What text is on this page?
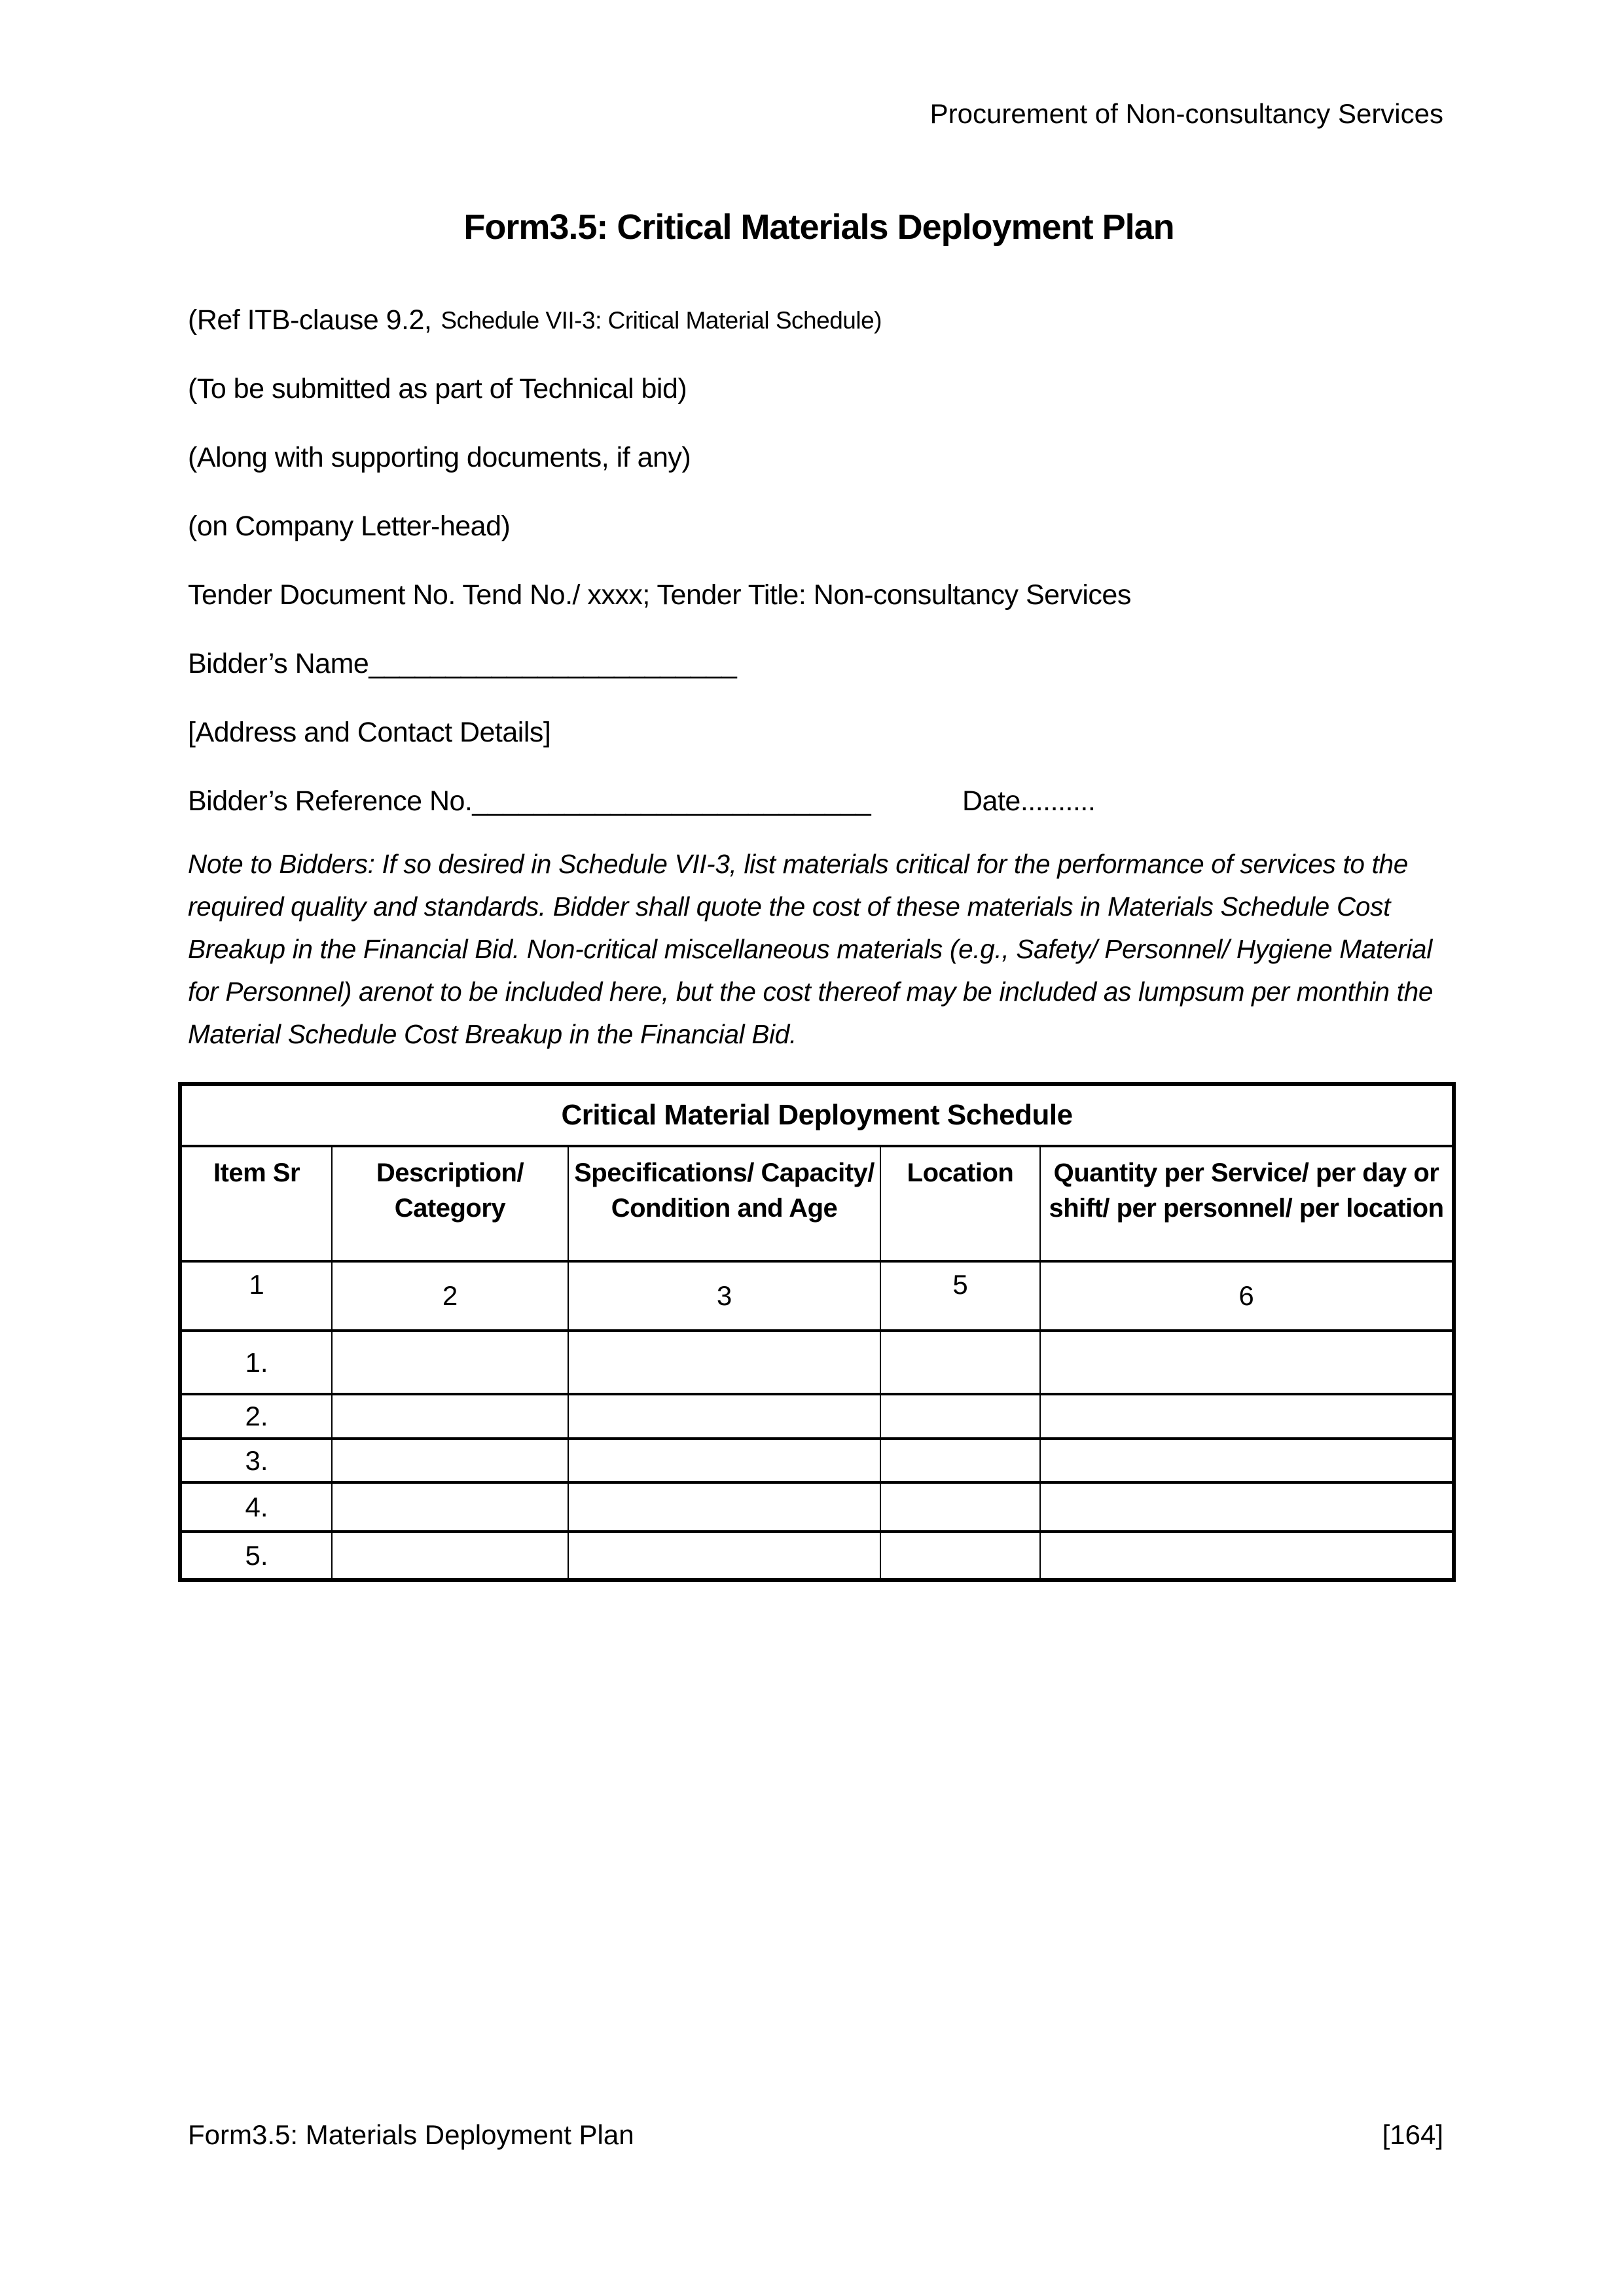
Procurement of Non-consultancy Services
Form3.5: Critical Materials Deployment Plan
(Ref ITB-clause 9.2, Schedule VII-3: Critical Material Schedule)
(To be submitted as part of Technical bid)
(Along with supporting documents, if any)
(on Company Letter-head)
Tender Document No. Tend No./ xxxx; Tender Title: Non-consultancy Services
Bidder’s Name________________________
[Address and Contact Details]
Bidder’s Reference No.__________________________	Date..........
Note to Bidders: If so desired in Schedule VII-3, list materials critical for the performance of services to the required quality and standards. Bidder shall quote the cost of these materials in Materials Schedule Cost Breakup in the Financial Bid. Non-critical miscellaneous materials (e.g., Safety/ Personnel/ Hygiene Material for Personnel) arenot to be included here, but the cost thereof may be included as lumpsum per monthin the Material Schedule Cost Breakup in the Financial Bid.
Critical Material Deployment Schedule				
Item Sr	Description/ Category	Specifications/ Capacity/ Condition and Age	Location	Quantity per Service/ per day or shift/ per personnel/ per location
1	2	3	5	6
1.				
2.				
3.				
4.				
5.				
Form3.5: Materials Deployment Plan	[164]
